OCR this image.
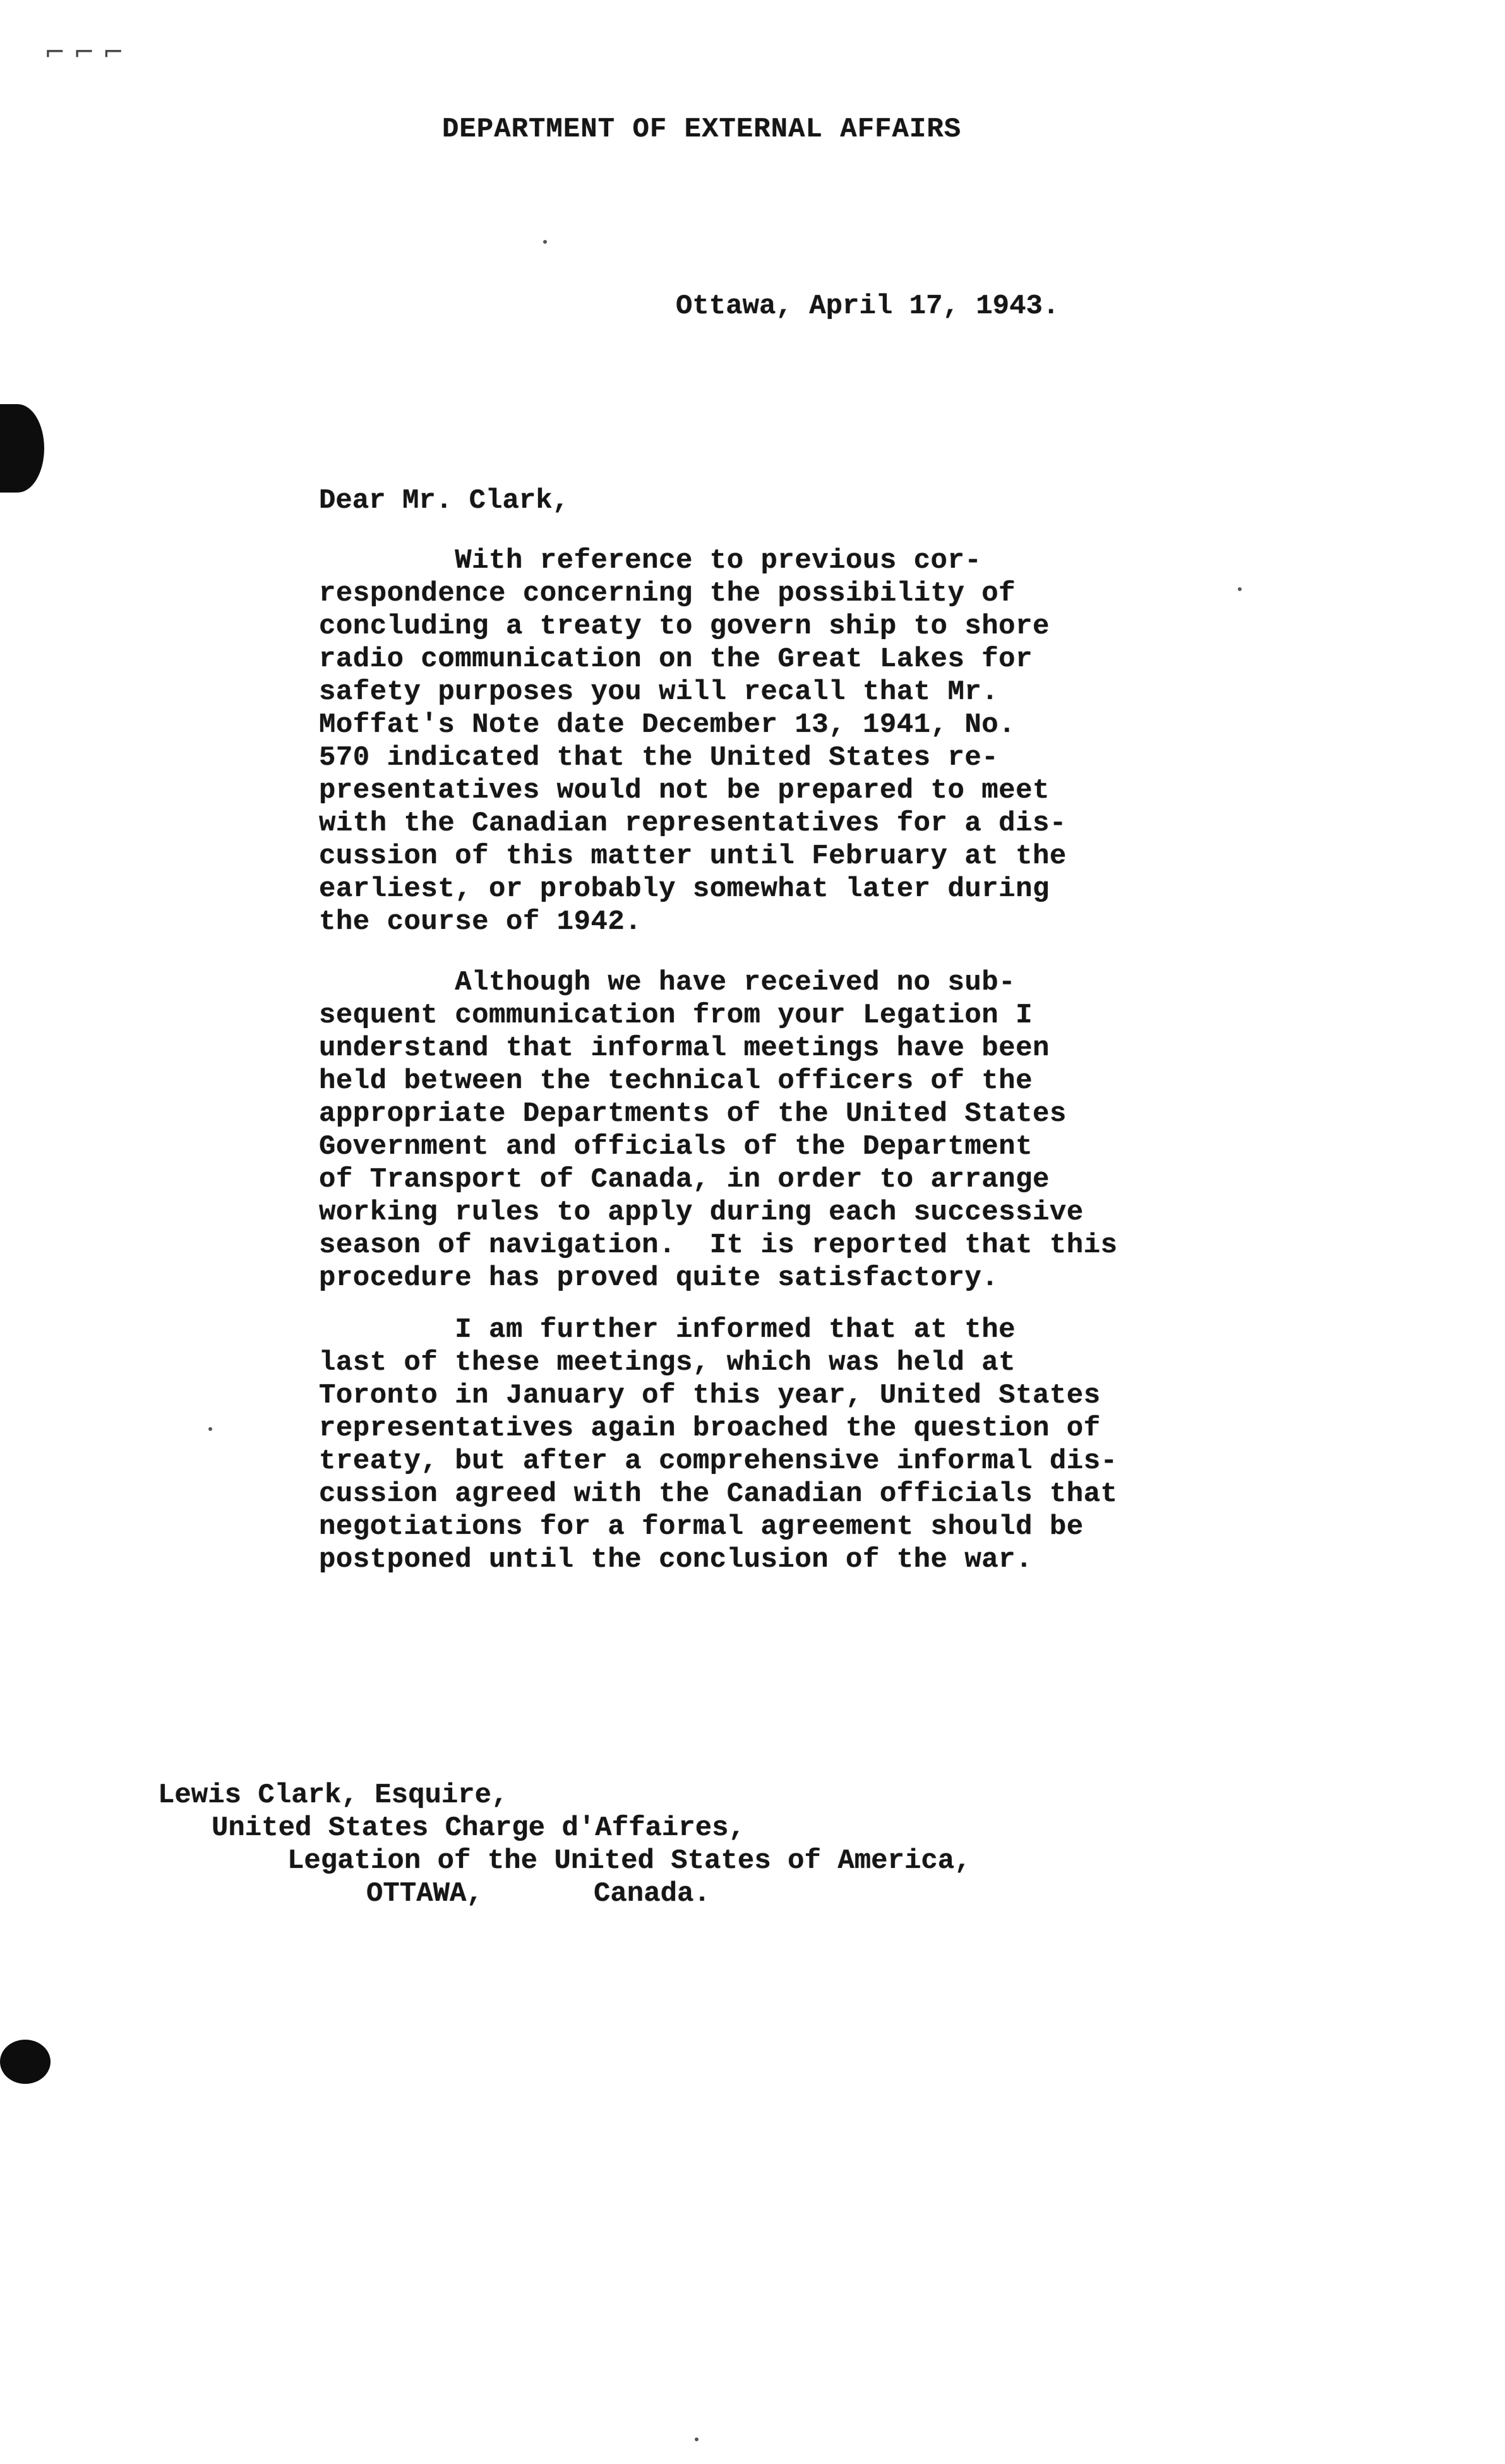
⌐ ⌐ ⌐
DEPARTMENT OF EXTERNAL AFFAIRS
Ottawa, April 17, 1943.
Dear Mr. Clark,
With reference to previous cor-
respondence concerning the possibility of
concluding a treaty to govern ship to shore
radio communication on the Great Lakes for
safety purposes you will recall that Mr.
Moffat's Note date December 13, 1941, No.
570 indicated that the United States re-
presentatives would not be prepared to meet
with the Canadian representatives for a dis-
cussion of this matter until February at the
earliest, or probably somewhat later during
the course of 1942.
Although we have received no sub-
sequent communication from your Legation I
understand that informal meetings have been
held between the technical officers of the
appropriate Departments of the United States
Government and officials of the Department
of Transport of Canada, in order to arrange
working rules to apply during each successive
season of navigation.  It is reported that this
procedure has proved quite satisfactory.
I am further informed that at the
last of these meetings, which was held at
Toronto in January of this year, United States
representatives again broached the question of
treaty, but after a comprehensive informal dis-
cussion agreed with the Canadian officials that
negotiations for a formal agreement should be
postponed until the conclusion of the war.
Lewis Clark, Esquire,
United States Charge d'Affaires,
Legation of the United States of America,
OTTAWA,	Canada.
